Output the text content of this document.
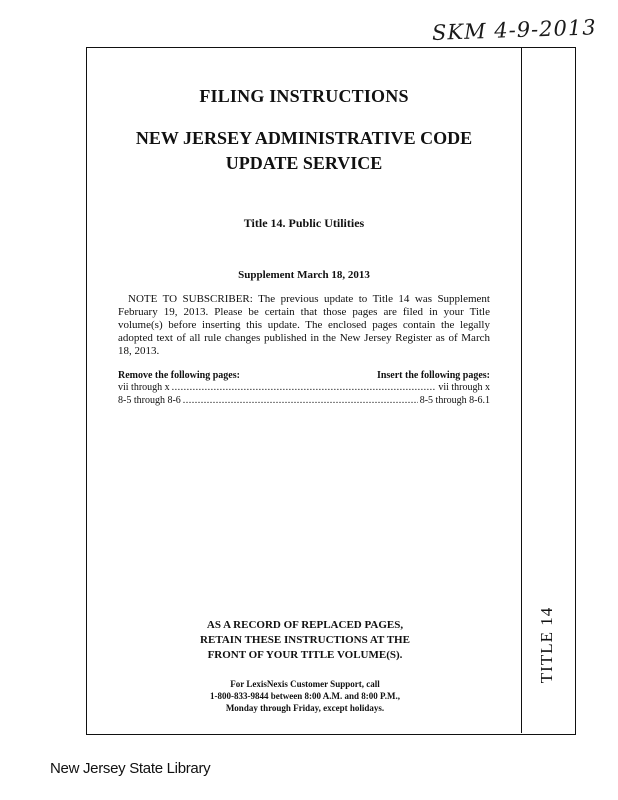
SKM 4-9-2013
TITLE 14
FILING INSTRUCTIONS
NEW JERSEY ADMINISTRATIVE CODE
UPDATE SERVICE
Title 14. Public Utilities
Supplement March 18, 2013
NOTE TO SUBSCRIBER: The previous update to Title 14 was Supplement February 19, 2013. Please be certain that those pages are filed in your Title volume(s) before inserting this update. The enclosed pages contain the legally adopted text of all rule changes published in the New Jersey Register as of March 18, 2013.
Remove the following pages:	Insert the following pages:
vii through x . . .	vii through x
8-5 through 8-6 . . .	8-5 through 8-6.1
AS A RECORD OF REPLACED PAGES,
RETAIN THESE INSTRUCTIONS AT THE
FRONT OF YOUR TITLE VOLUME(S).
For LexisNexis Customer Support, call
1-800-833-9844 between 8:00 A.M. and 8:00 P.M.,
Monday through Friday, except holidays.
New Jersey State Library
